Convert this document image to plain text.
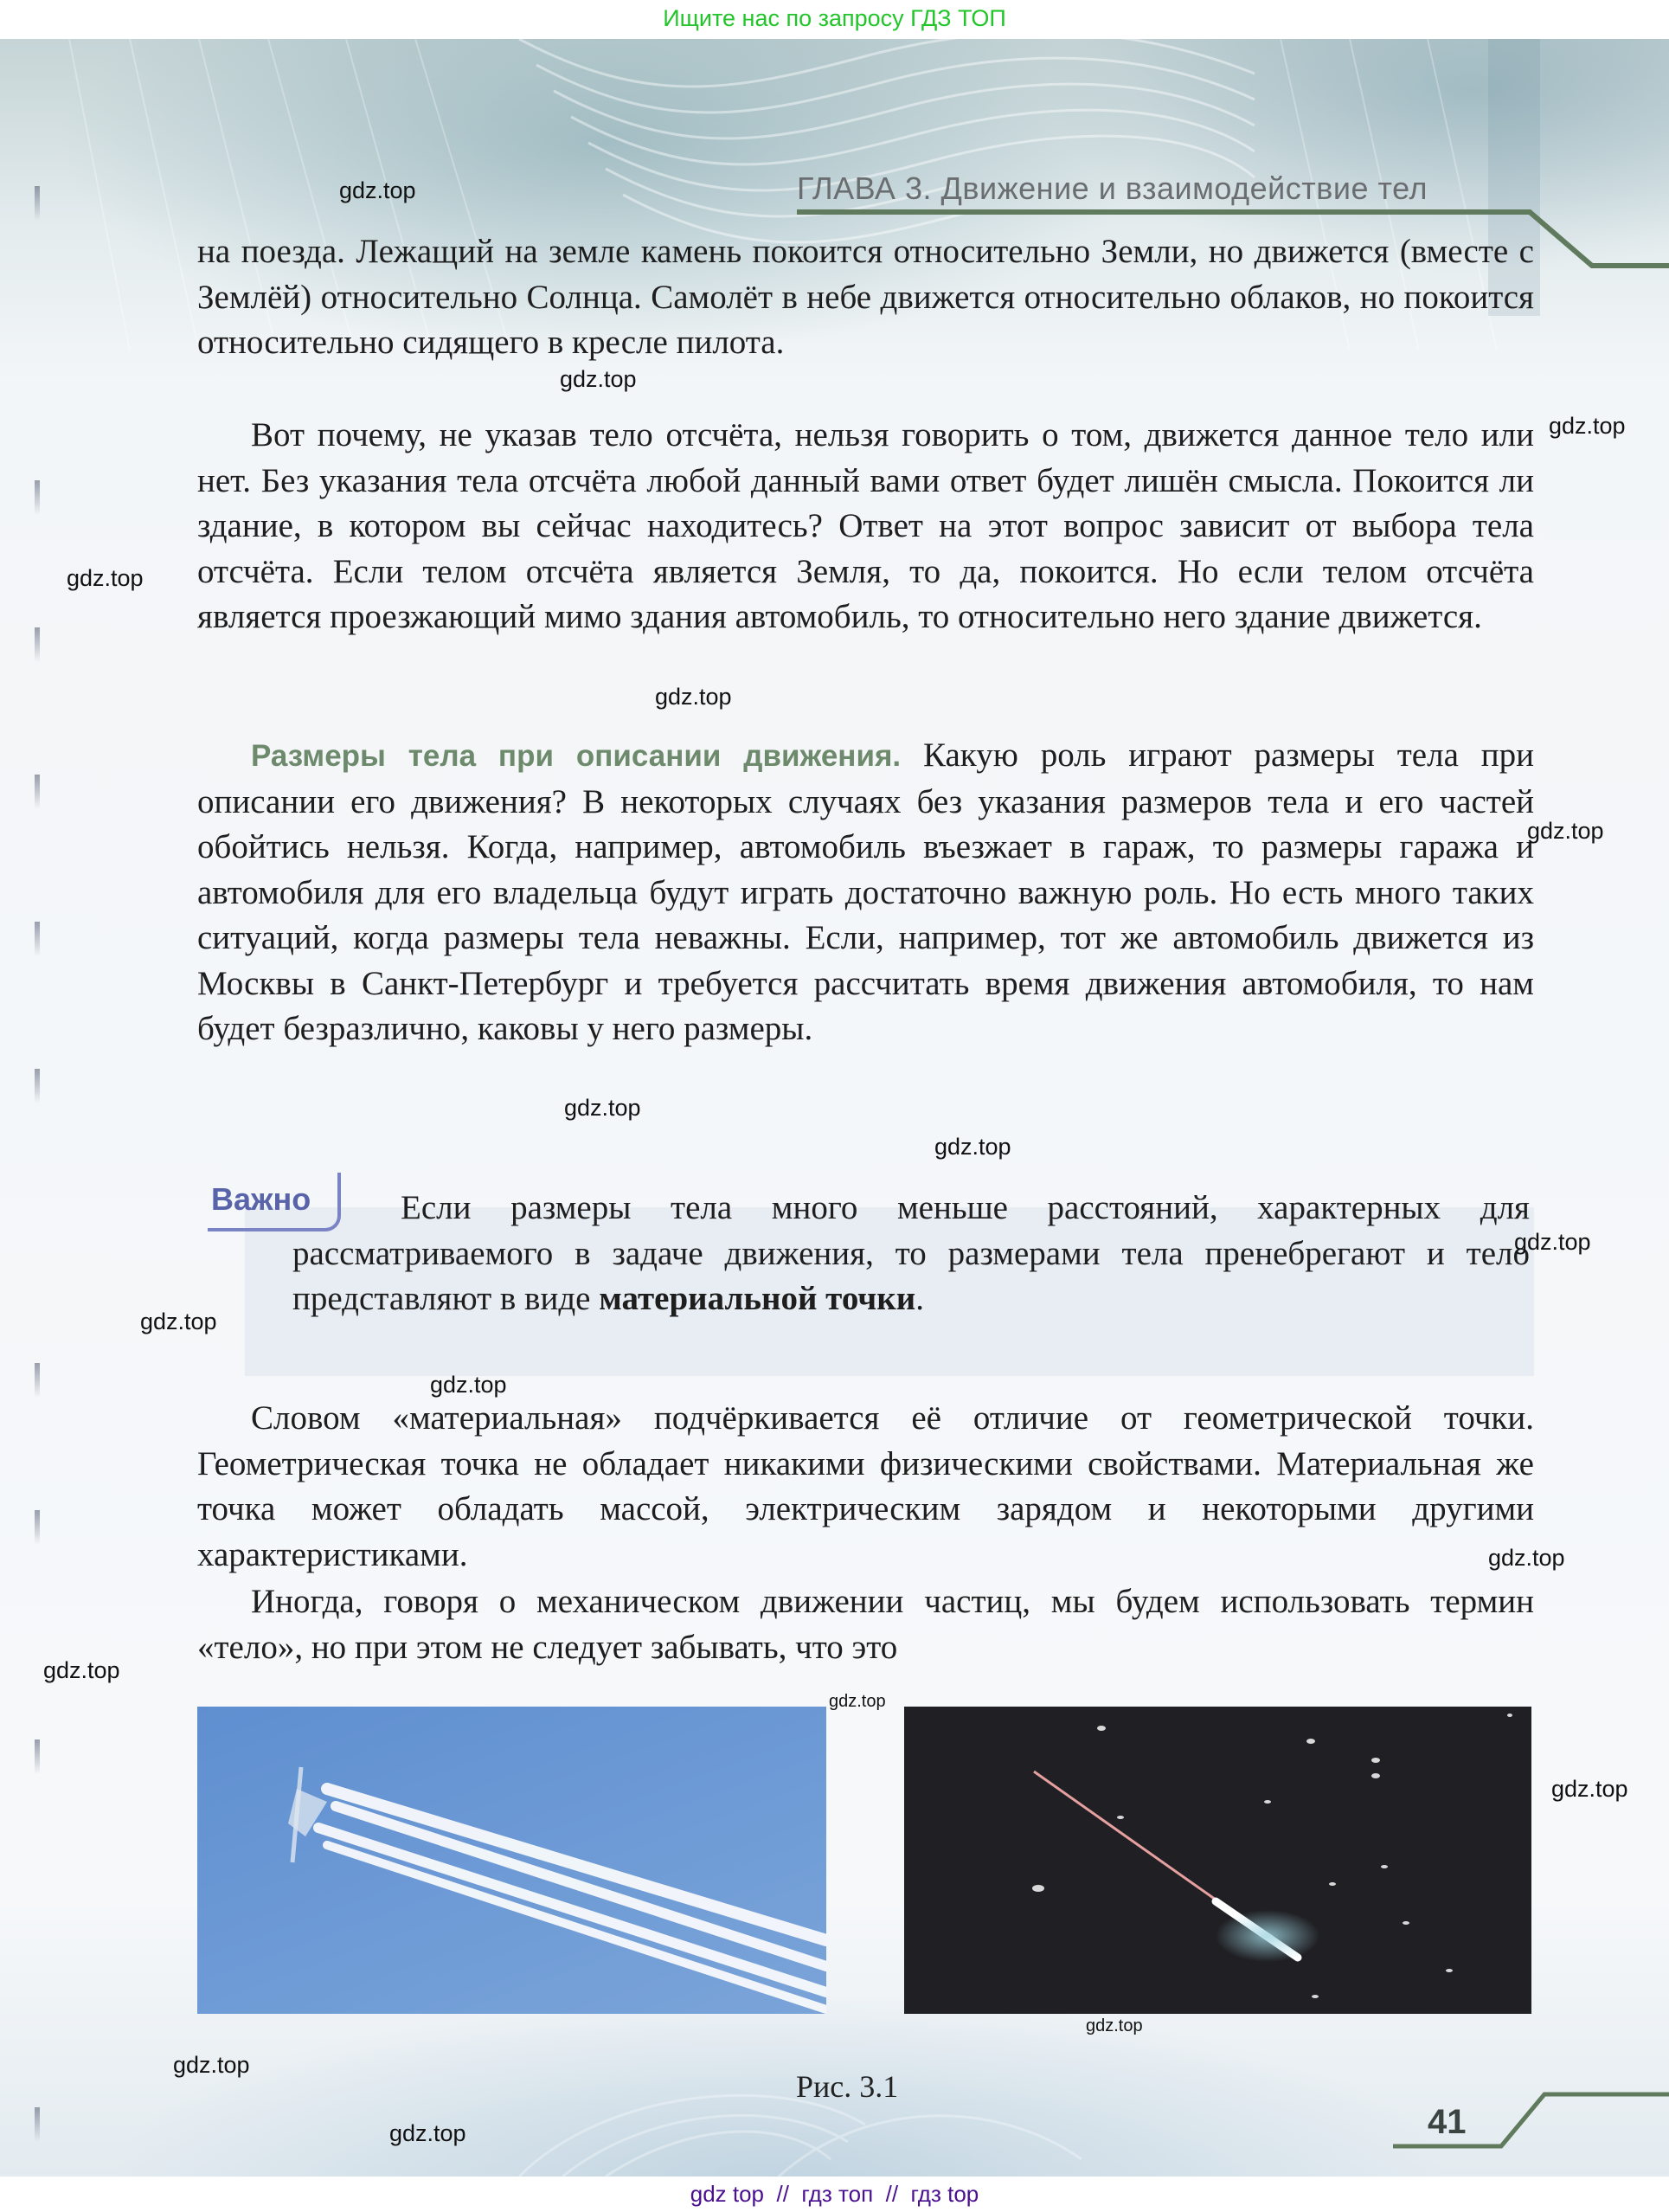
Ищите нас по запросу ГДЗ ТОП
ГЛАВА 3. Движение и взаимодействие тел

на поезда. Лежащий на земле камень покоится относительно Земли, но движется (вместе с Землёй) относительно Солнца. Самолёт в небе движется относительно облаков, но покоится относительно сидящего в кресле пилота.

Вот почему, не указав тело отсчёта, нельзя говорить о том, движется данное тело или нет. Без указания тела отсчёта любой данный вами ответ будет лишён смысла. Покоится ли здание, в котором вы сейчас находитесь? Ответ на этот вопрос зависит от выбора тела отсчёта. Если телом отсчёта является Земля, то да, покоится. Но если телом отсчёта является проезжающий мимо здания автомобиль, то относительно него здание движется.

Размеры тела при описании движения. Какую роль играют размеры тела при описании его движения? В некоторых случаях без указания размеров тела и его частей обойтись нельзя. Когда, например, автомобиль въезжает в гараж, то размеры гаража и автомобиля для его владельца будут играть достаточно важную роль. Но есть много таких ситуаций, когда размеры тела неважны. Если, например, тот же автомобиль движется из Москвы в Санкт-Петербург и требуется рассчитать время движения автомобиля, то нам будет безразлично, каковы у него размеры.

Важно	Если размеры тела много меньше расстояний, характерных для рассматриваемого в задаче движения, то размерами тела пренебрегают и тело представляют в виде материальной точки.

Словом «материальная» подчёркивается её отличие от геометрической точки. Геометрическая точка не обладает никакими физическими свойствами. Материальная же точка может обладать массой, электрическим зарядом и некоторыми другими характеристиками.

Иногда, говоря о механическом движении частиц, мы будем использовать термин «тело», но при этом не следует забывать, что это

Рис. 3.1
41
gdz.top
gdz.top
gdz.top
gdz.top
gdz.top
gdz.top
gdz.top
gdz.top
gdz.top
gdz.top
gdz.top
gdz.top
gdz.top
gdz.top
gdz.top
gdz.top
gdz.top
gdz.top
gdz top  //  гдз топ  //  гдз top
